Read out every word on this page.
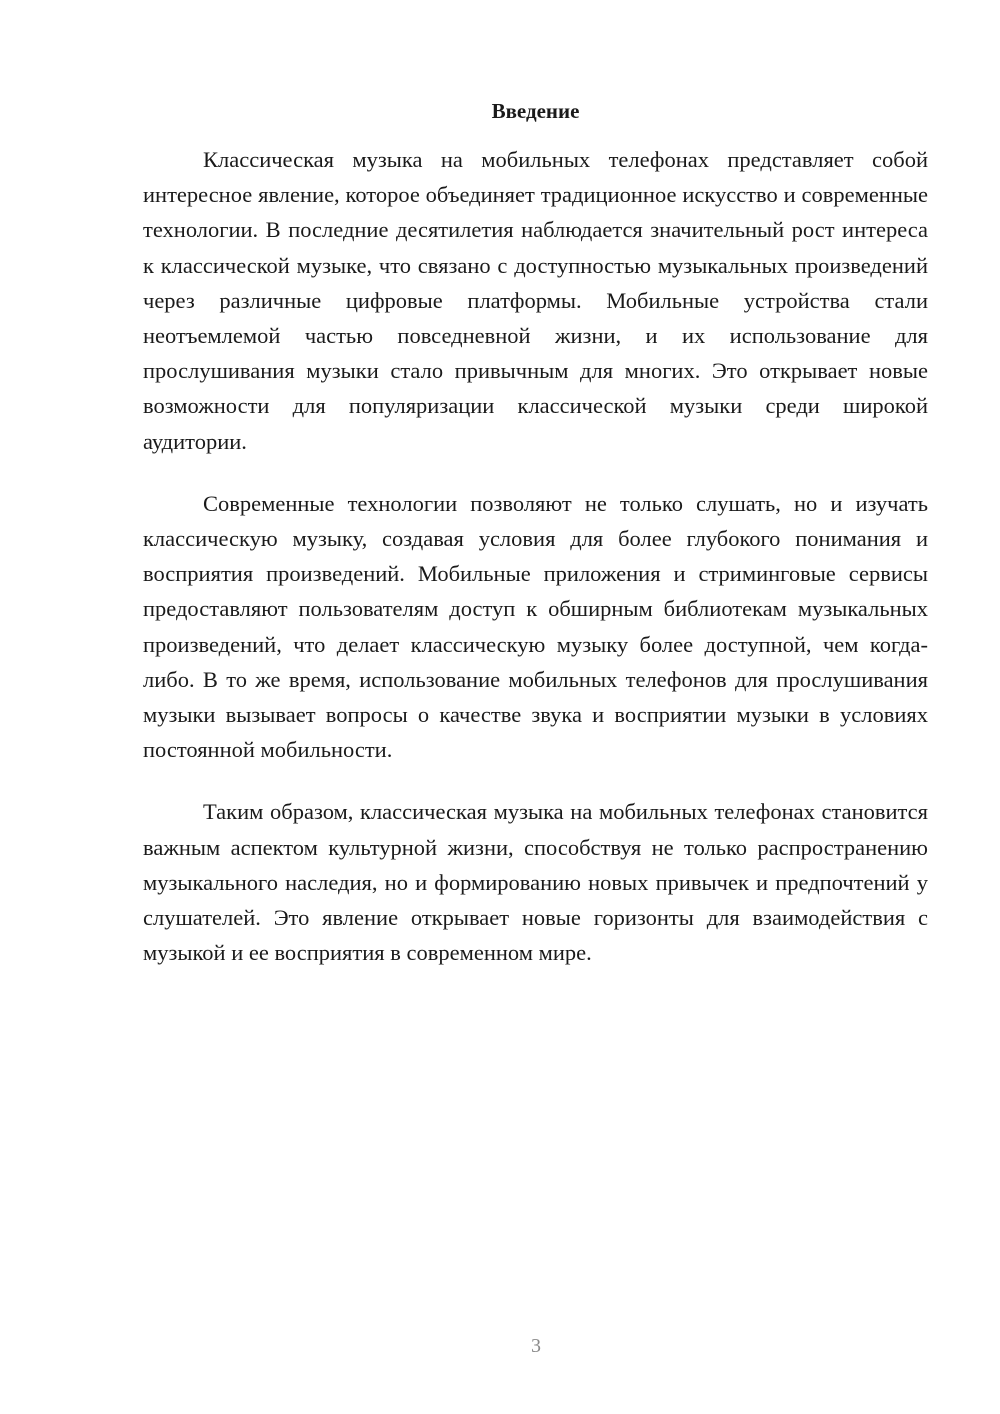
Введение

Классическая музыка на мобильных телефонах представляет собой интересное явление, которое объединяет традиционное искусство и современные технологии. В последние десятилетия наблюдается значительный рост интереса к классической музыке, что связано с доступностью музыкальных произведений через различные цифровые платформы. Мобильные устройства стали неотъемлемой частью повседневной жизни, и их использование для прослушивания музыки стало привычным для многих. Это открывает новые возможности для популяризации классической музыки среди широкой аудитории.

Современные технологии позволяют не только слушать, но и изучать классическую музыку, создавая условия для более глубокого понимания и восприятия произведений. Мобильные приложения и стриминговые сервисы предоставляют пользователям доступ к обширным библиотекам музыкальных произведений, что делает классическую музыку более доступной, чем когда-либо. В то же время, использование мобильных телефонов для прослушивания музыки вызывает вопросы о качестве звука и восприятии музыки в условиях постоянной мобильности.

Таким образом, классическая музыка на мобильных телефонах становится важным аспектом культурной жизни, способствуя не только распространению музыкального наследия, но и формированию новых привычек и предпочтений у слушателей. Это явление открывает новые горизонты для взаимодействия с музыкой и ее восприятия в современном мире.

3
